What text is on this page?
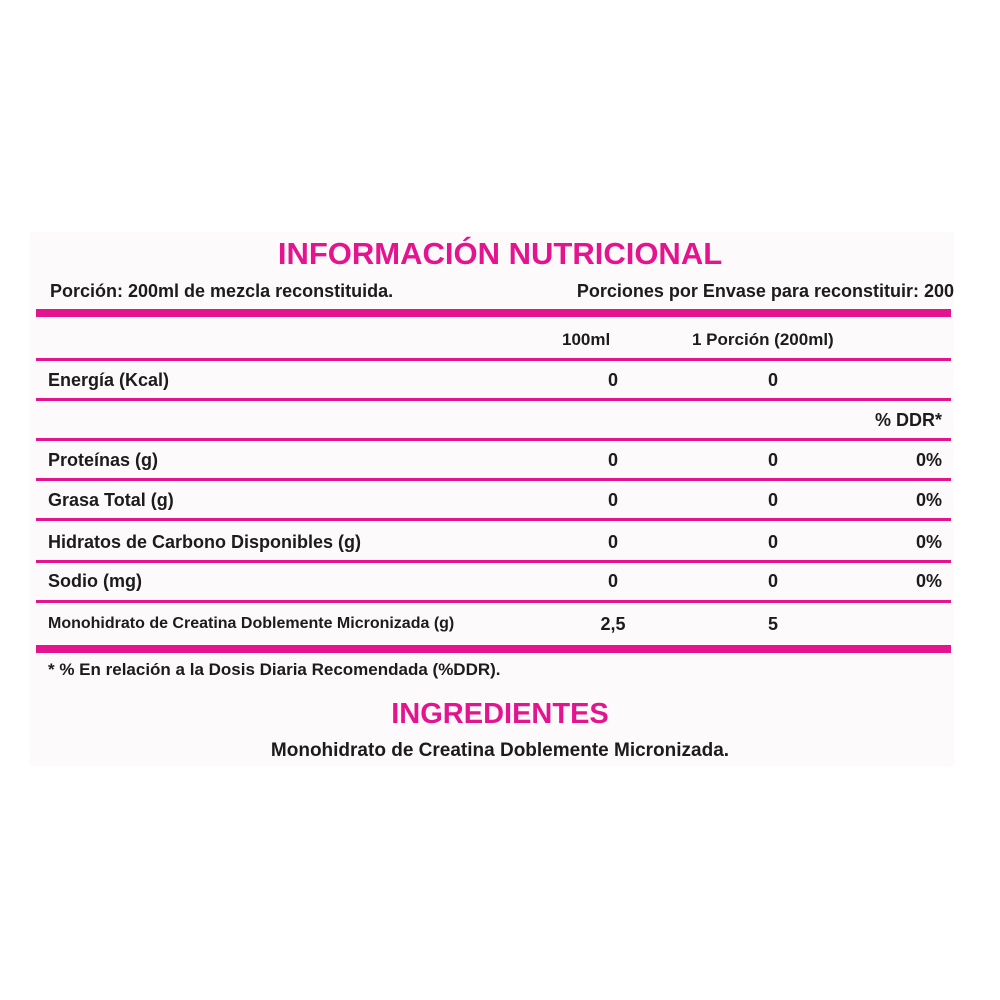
INFORMACIÓN NUTRICIONAL
Porción: 200ml de mezcla reconstituida.	Porciones por Envase para reconstituir: 200
100ml	1 Porción (200ml)
Energía (Kcal)	0	0
% DDR*
Proteínas (g)	0	0	0%
Grasa Total (g)	0	0	0%
Hidratos de Carbono Disponibles (g)	0	0	0%
Sodio (mg)	0	0	0%
Monohidrato de Creatina Doblemente Micronizada (g)	2,5	5
* % En relación a la Dosis Diaria Recomendada (%DDR).
INGREDIENTES
Monohidrato de Creatina Doblemente Micronizada.
